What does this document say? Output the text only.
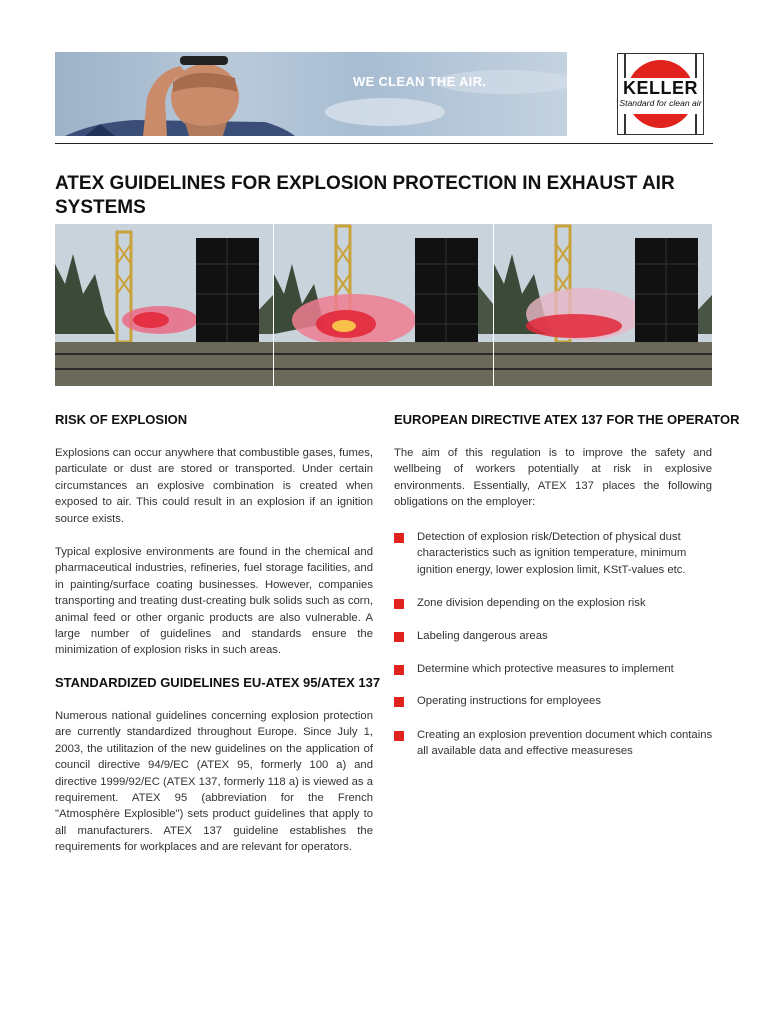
WE CLEAN THE AIR.	KELLER
Standard for clean air
ATEX GUIDELINES FOR EXPLOSION PROTECTION IN EXHAUST AIR SYSTEMS
RISK OF EXPLOSION

Explosions can occur anywhere that combustible gases, fumes, particulate or dust are stored or transported. Under certain circumstances an explosive combination is created when exposed to air. This could result in an explosion if an ignition source exists.

Typical explosive environments are found in the chemical and pharmaceutical industries, refineries, fuel storage facilities, and in painting/surface coating businesses. However, companies transporting and treating dust-creating bulk solids such as corn, animal feed or other organic products are also vulnerable. A large number of guidelines and standards ensure the minimization of explosion risks in such areas.

STANDARDIZED GUIDELINES EU-ATEX 95/ATEX 137

Numerous national guidelines concerning explosion protection are currently standardized throughout Europe. Since July 1, 2003, the utilitazion of the new guidelines on the application of council directive 94/9/EC (ATEX 95, formerly 100 a) and directive 1999/92/EC (ATEX 137, formerly 118 a) is viewed as a requirement. ATEX 95 (abbreviation for the French "Atmosphère Explosible") sets product guidelines that apply to all manufacturers. ATEX 137 guideline establishes the requirements for workplaces and are relevant for operators.

EUROPEAN DIRECTIVE ATEX 137 FOR THE OPERATOR

The aim of this regulation is to improve the safety and wellbeing of workers potentially at risk in explosive environments. Essentially, ATEX 137 places the following obligations on the employer:

Detection of explosion risk/Detection of physical dust characteristics such as ignition temperature, minimum ignition energy, lower explosion limit, KStT-values etc.
Zone division depending on the explosion risk
Labeling dangerous areas
Determine which protective measures to implement
Operating instructions for employees
Creating an explosion prevention document which contains all available data and effective measureses
